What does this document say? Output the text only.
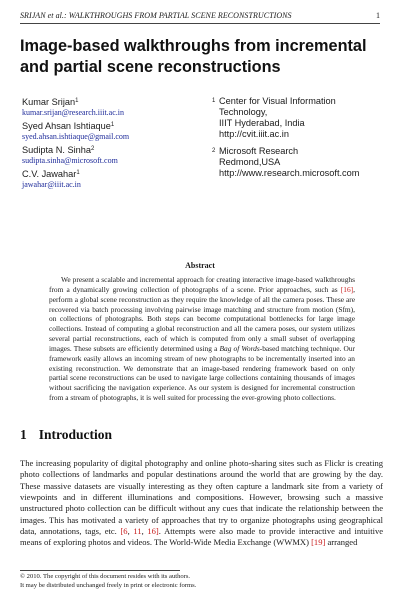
SRIJAN et al.: WALKTHROUGHS FROM PARTIAL SCENE RECONSTRUCTIONS	1
Image-based walkthroughs from incremental and partial scene reconstructions
Kumar Srijan$^1$
kumar.srijan@research.iiit.ac.in
Syed Ahsan Ishtiaque$^1$
syed.ahsan.ishtiaque@gmail.com
Sudipta N. Sinha$^2$
sudipta.sinha@microsoft.com
C.V. Jawahar$^1$
jawahar@iiit.ac.in
1 Center for Visual Information
Technology,
IIIT Hyderabad, India
http://cvit.iiit.ac.in
2 Microsoft Research
Redmond,USA
http://www.research.microsoft.com
Abstract
We present a scalable and incremental approach for creating interactive image-based walkthroughs from a dynamically growing collection of photographs of a scene. Prior approaches, such as [16], perform a global scene reconstruction as they require the knowledge of all the camera poses. These are recovered via batch processing involving pairwise image matching and structure from motion (Sfm), on collections of photographs. Both steps can become computational bottlenecks for large image collections. Instead of computing a global reconstruction and all the camera poses, our system utilizes several partial reconstructions, each of which is computed from only a small subset of overlapping images. These subsets are efficiently determined using a Bag of Words-based matching technique. Our framework easily allows an incoming stream of new photographs to be incrementally inserted into an existing reconstruction. We demonstrate that an image-based rendering framework based on only partial scene reconstructions can be used to navigate large collections containing thousands of images without sacrificing the navigation experience. As our system is designed for incremental construction from a stream of photographs, it is well suited for processing the ever-growing photo collections.
1 Introduction
The increasing popularity of digital photography and online photo-sharing sites such as Flickr is creating photo collections of landmarks and popular destinations around the world that are growing by the day. These massive datasets are visually interesting as they often capture a landmark site from a variety of viewpoints and in different illuminations and compositions. However, browsing such a massive unstructured photo collection can be difficult without any cues that indicate the relationship between the images. This has motivated a variety of approaches that try to organize photographs using geographical data, annotations, tags, etc. [6, 11, 16]. Attempts were also made to provide interactive and intuitive means of exploring photos and videos. The World-Wide Media Exchange (WWMX) [19] arranged
© 2010. The copyright of this document resides with its authors.
It may be distributed unchanged freely in print or electronic forms.
